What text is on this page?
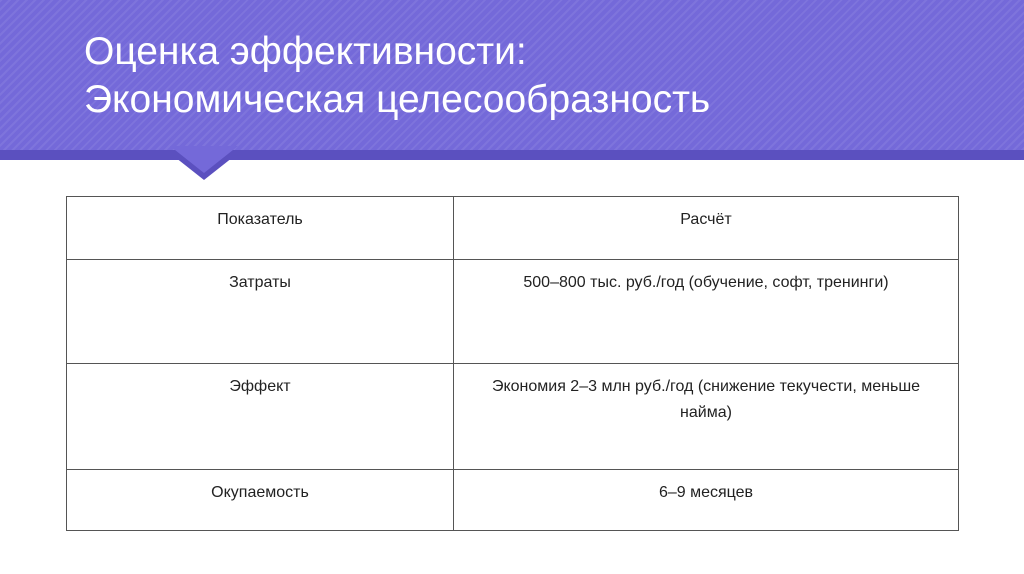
Оценка эффективности:
Экономическая целесообразность
Показатель	Расчёт
Затраты	500–800 тыс. руб./год (обучение, софт, тренинги)
Эффект	Экономия 2–3 млн руб./год (снижение текучести, меньше найма)
Окупаемость	6–9 месяцев
